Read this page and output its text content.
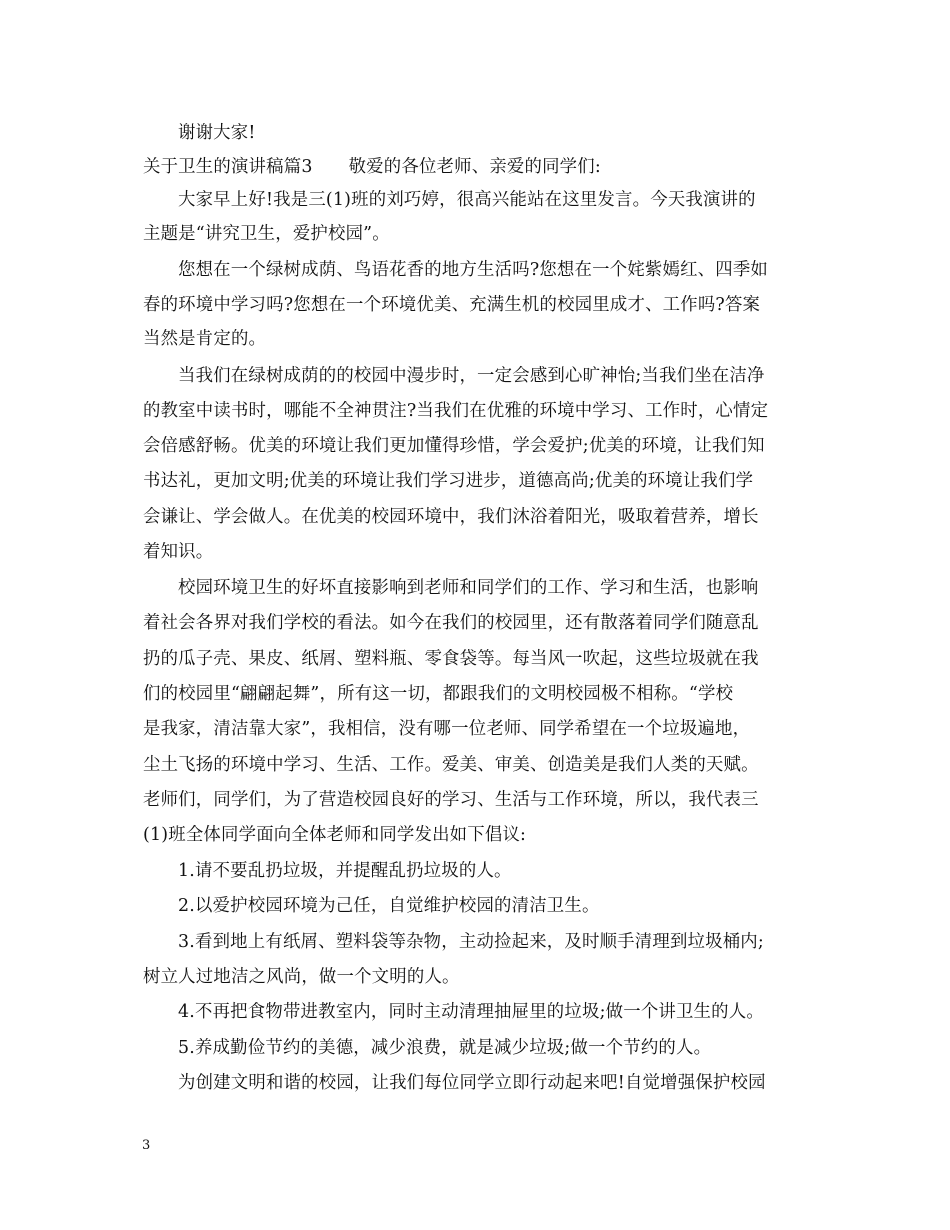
谢谢大家!
关于卫生的演讲稿篇3 敬爱的各位老师、亲爱的同学们:
大家早上好!我是三(1)班的刘巧婷，很高兴能站在这里发言。今天我演讲的
主题是“讲究卫生，爱护校园”。
您想在一个绿树成荫、鸟语花香的地方生活吗?您想在一个姹紫嫣红、四季如
春的环境中学习吗?您想在一个环境优美、充满生机的校园里成才、工作吗?答案
当然是肯定的。
当我们在绿树成荫的的校园中漫步时，一定会感到心旷神怡;当我们坐在洁净
的教室中读书时，哪能不全神贯注?当我们在优雅的环境中学习、工作时，心情定
会倍感舒畅。优美的环境让我们更加懂得珍惜，学会爱护;优美的环境，让我们知
书达礼，更加文明;优美的环境让我们学习进步，道德高尚;优美的环境让我们学
会谦让、学会做人。在优美的校园环境中，我们沐浴着阳光，吸取着营养，增长
着知识。
校园环境卫生的好坏直接影响到老师和同学们的工作、学习和生活，也影响
着社会各界对我们学校的看法。如今在我们的校园里，还有散落着同学们随意乱
扔的瓜子壳、果皮、纸屑、塑料瓶、零食袋等。每当风一吹起，这些垃圾就在我
们的校园里“翩翩起舞”，所有这一切，都跟我们的文明校园极不相称。“学校
是我家，清洁靠大家”，我相信，没有哪一位老师、同学希望在一个垃圾遍地，
尘土飞扬的环境中学习、生活、工作。爱美、审美、创造美是我们人类的天赋。
老师们，同学们，为了营造校园良好的学习、生活与工作环境，所以，我代表三
(1)班全体同学面向全体老师和同学发出如下倡议:
1.请不要乱扔垃圾，并提醒乱扔垃圾的人。
2.以爱护校园环境为己任，自觉维护校园的清洁卫生。
3.看到地上有纸屑、塑料袋等杂物，主动捡起来，及时顺手清理到垃圾桶内;
树立人过地洁之风尚，做一个文明的人。
4.不再把食物带进教室内，同时主动清理抽屉里的垃圾;做一个讲卫生的人。
5.养成勤俭节约的美德，减少浪费，就是减少垃圾;做一个节约的人。
为创建文明和谐的校园，让我们每位同学立即行动起来吧!自觉增强保护校园
3
